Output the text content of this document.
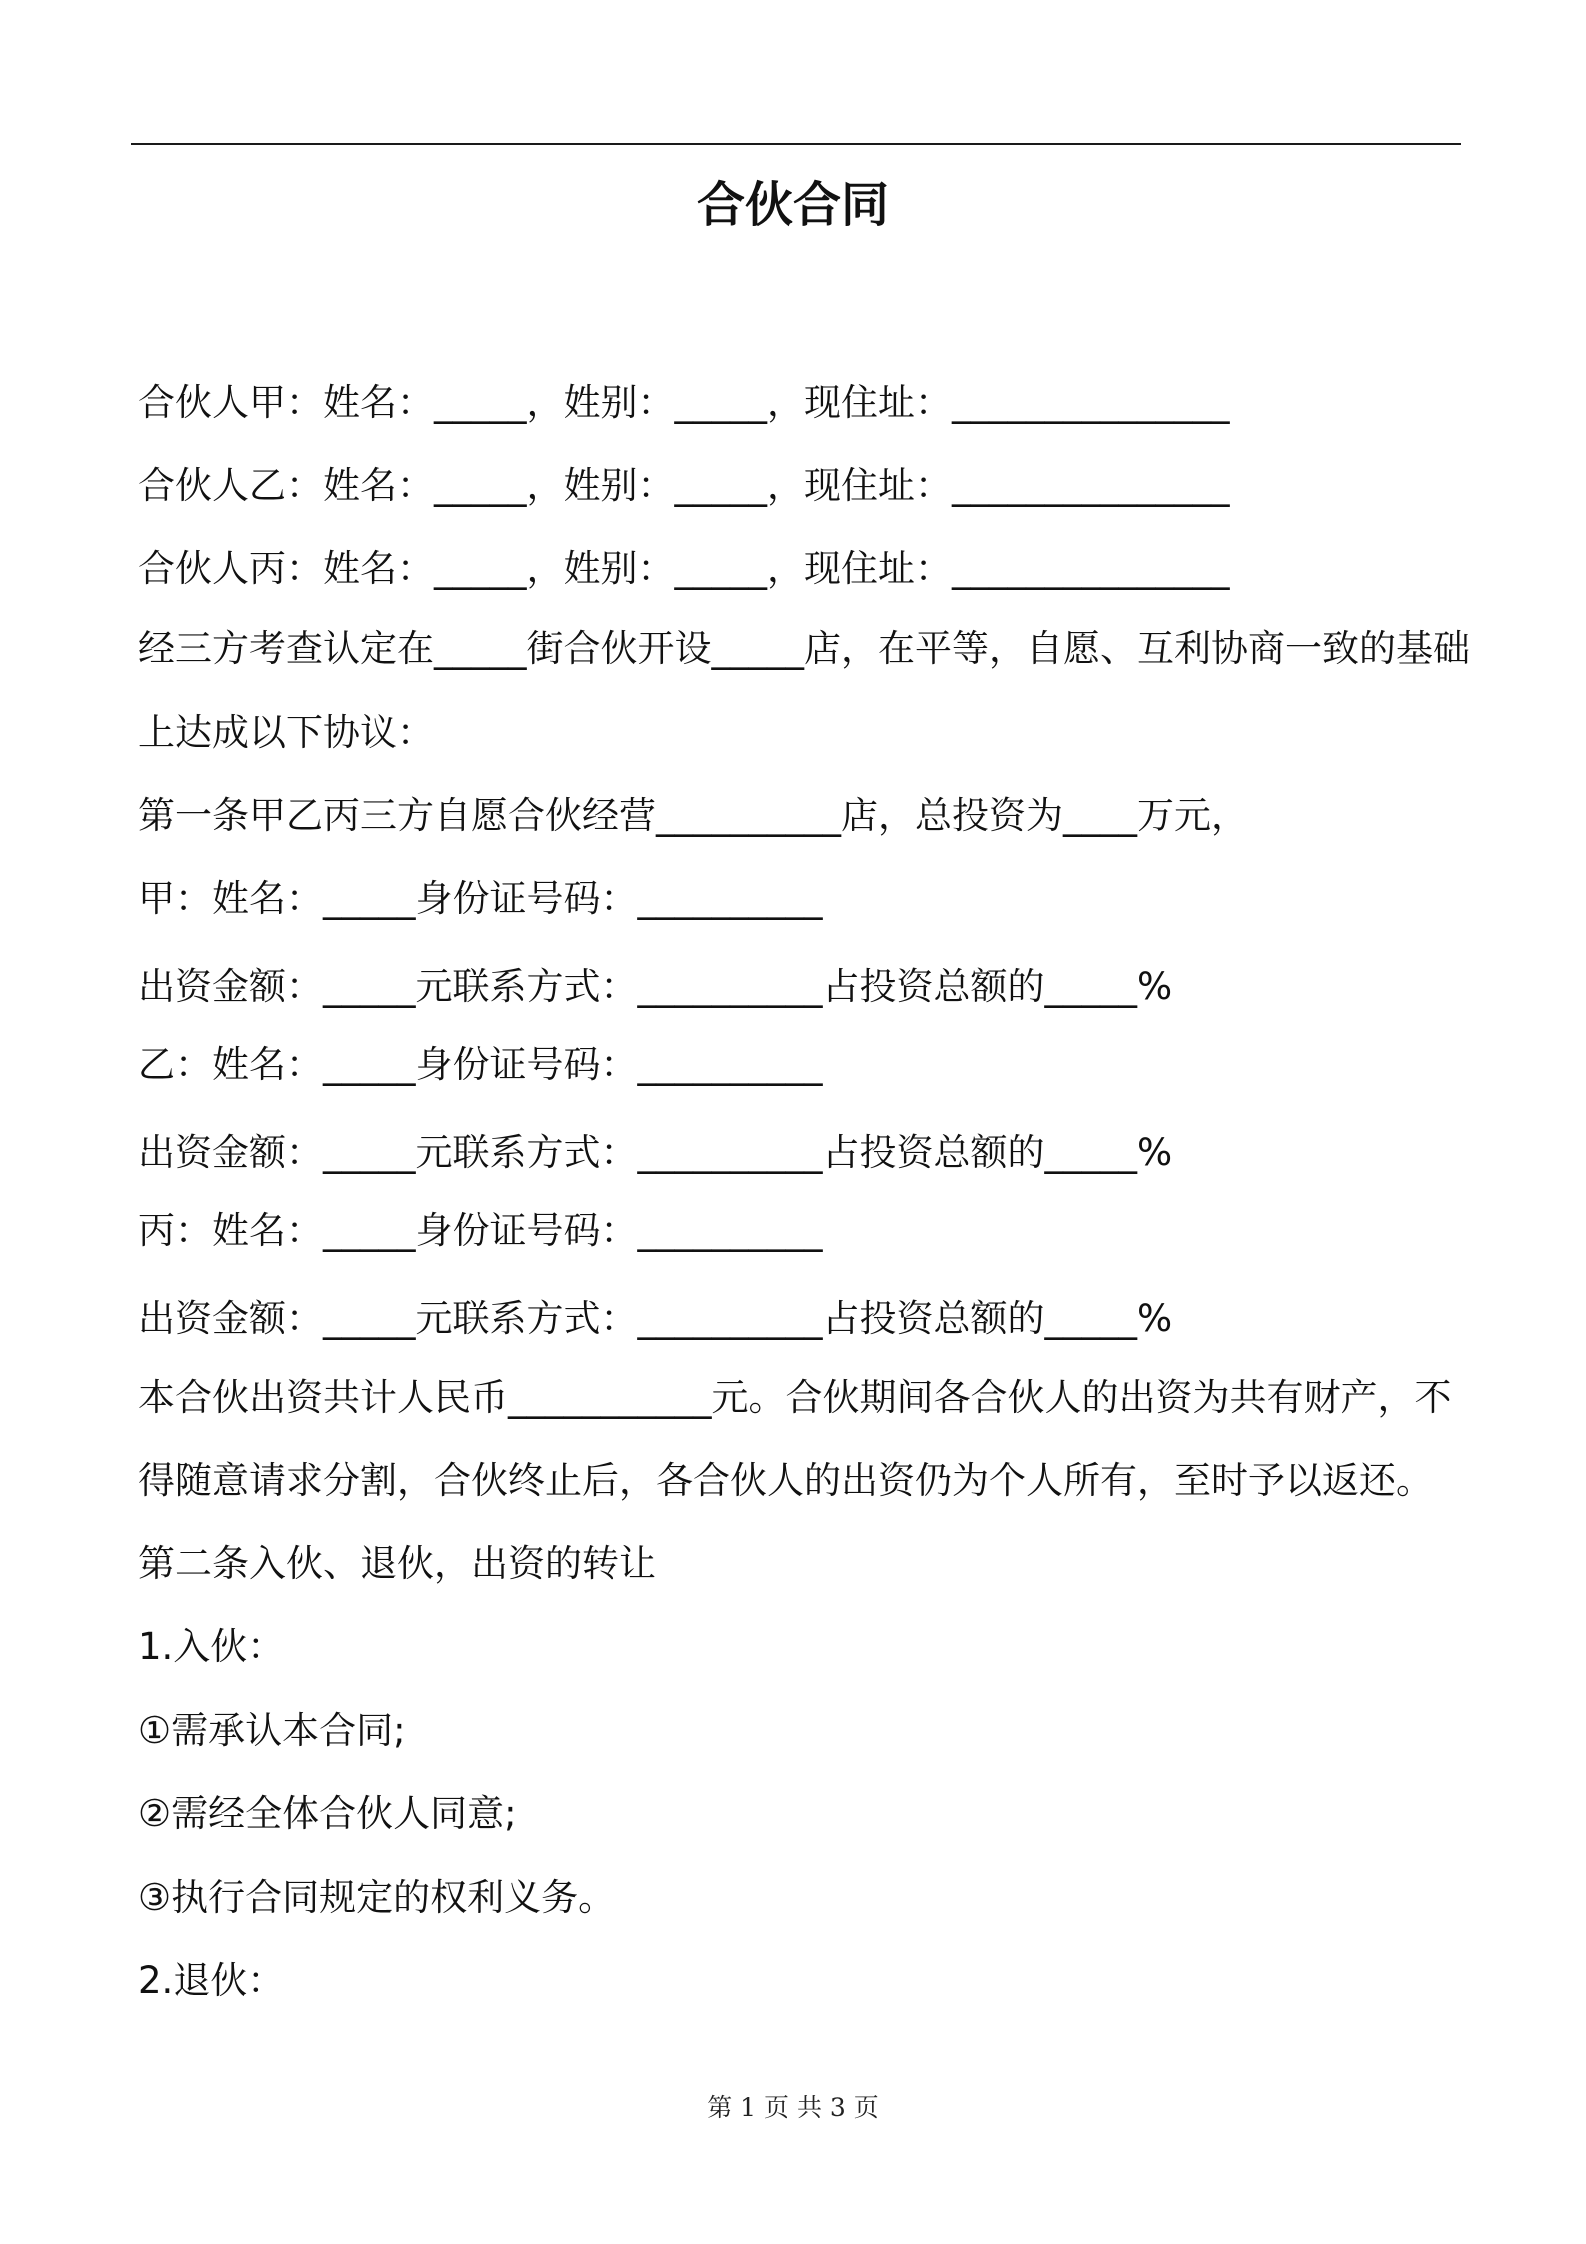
合伙合同
合伙人甲：姓名：_____，姓别：_____，现住址：_______________
合伙人乙：姓名：_____，姓别：_____，现住址：_______________
合伙人丙：姓名：_____，姓别：_____，现住址：_______________
经三方考查认定在_____街合伙开设_____店，在平等，自愿、互利协商一致的基础
上达成以下协议：
第一条甲乙丙三方自愿合伙经营__________店，总投资为____万元，
甲：姓名：_____身份证号码：__________
出资金额：_____元联系方式：__________占投资总额的_____%
乙：姓名：_____身份证号码：__________
出资金额：_____元联系方式：__________占投资总额的_____%
丙：姓名：_____身份证号码：__________
出资金额：_____元联系方式：__________占投资总额的_____%
本合伙出资共计人民币___________元。合伙期间各合伙人的出资为共有财产，不
得随意请求分割，合伙终止后，各合伙人的出资仍为个人所有，至时予以返还。
第二条入伙、退伙，出资的转让
1.入伙：
①需承认本合同;
②需经全体合伙人同意;
③执行合同规定的权利义务。
2.退伙：
第 1 页 共 3 页
